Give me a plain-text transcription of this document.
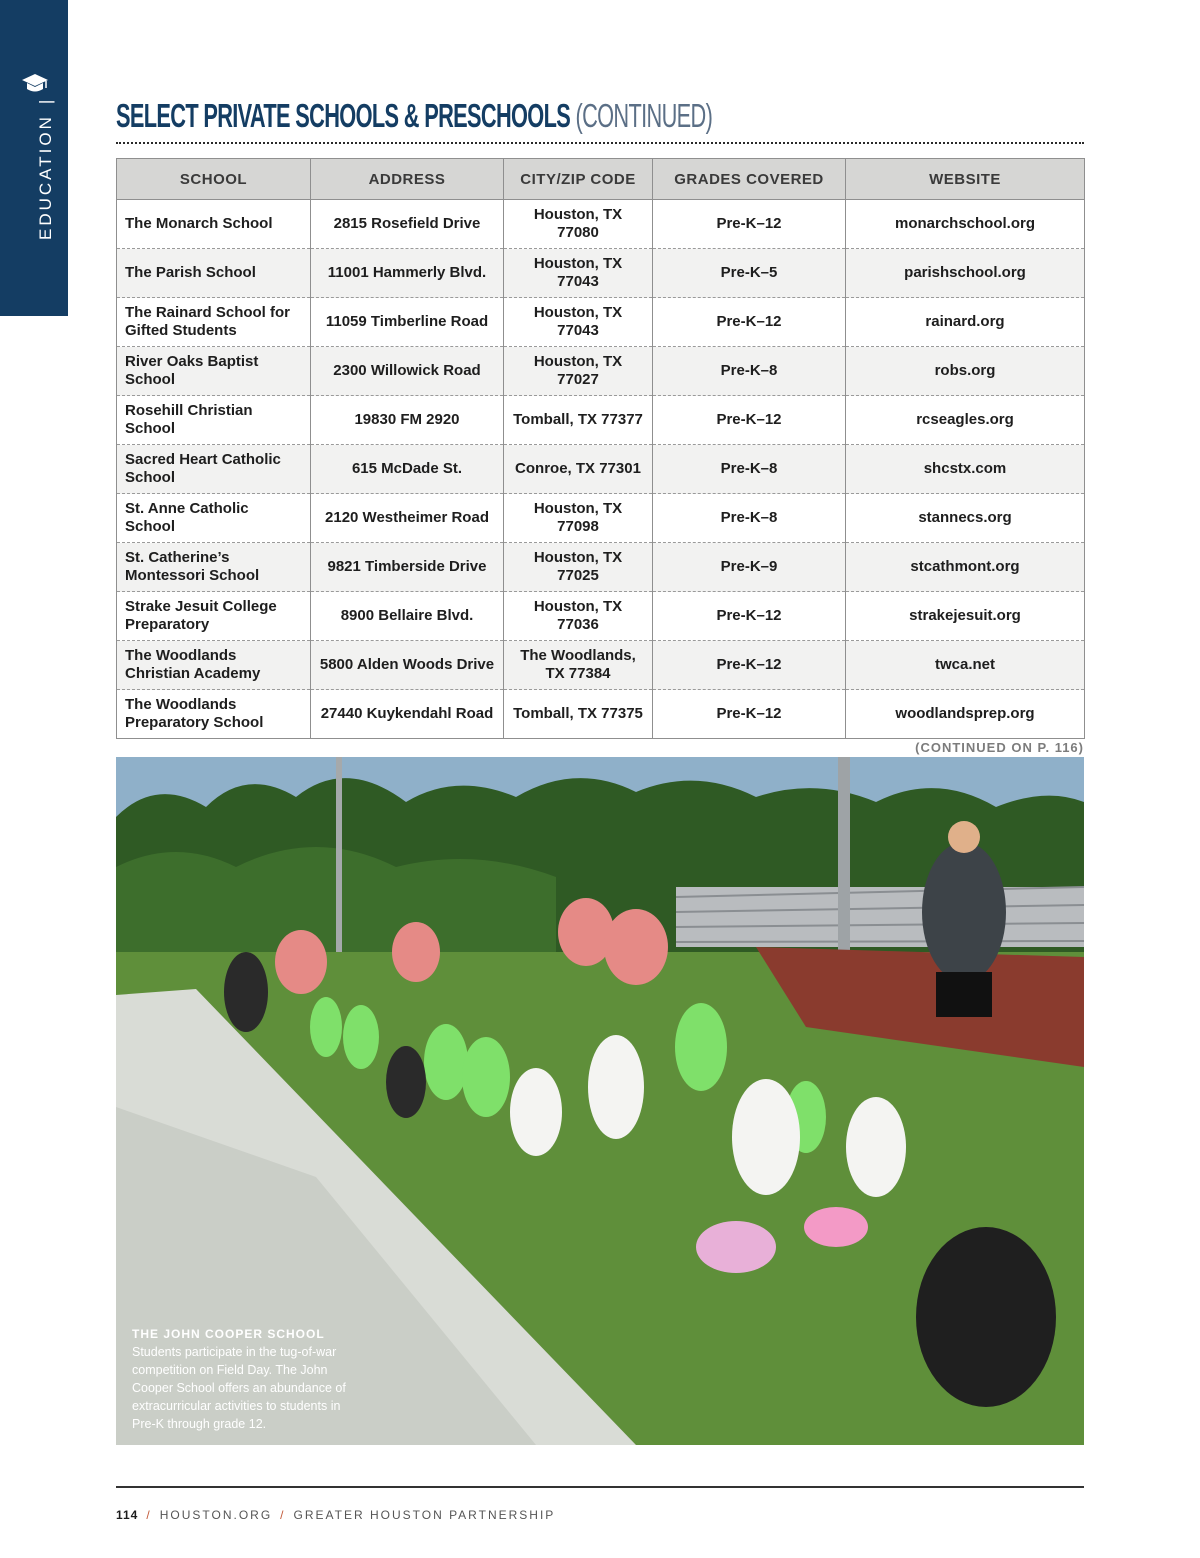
EDUCATION| SELECT PRIVATE SCHOOLS & PRESCHOOLS (CONTINUED)
SCHOOL	ADDRESS	CITY/ZIP CODE	GRADES COVERED	WEBSITE
The Monarch School	2815 Rosefield Drive	Houston, TX 77080	Pre-K–12	monarchschool.org
The Parish School	11001 Hammerly Blvd.	Houston, TX 77043	Pre-K–5	parishschool.org
The Rainard School for Gifted Students	11059 Timberline Road	Houston, TX 77043	Pre-K–12	rainard.org
River Oaks Baptist School	2300 Willowick Road	Houston, TX 77027	Pre-K–8	robs.org
Rosehill Christian School	19830 FM 2920	Tomball, TX 77377	Pre-K–12	rcseagles.org
Sacred Heart Catholic School	615 McDade St.	Conroe, TX 77301	Pre-K–8	shcstx.com
St. Anne Catholic School	2120 Westheimer Road	Houston, TX 77098	Pre-K–8	stannecs.org
St. Catherine’s Montessori School	9821 Timberside Drive	Houston, TX 77025	Pre-K–9	stcathmont.org
Strake Jesuit College Preparatory	8900 Bellaire Blvd.	Houston, TX 77036	Pre-K–12	strakejesuit.org
The Woodlands Christian Academy	5800 Alden Woods Drive	The Woodlands, TX 77384	Pre-K–12	twca.net
The Woodlands Preparatory School	27440 Kuykendahl Road	Tomball, TX 77375	Pre-K–12	woodlandsprep.org
(CONTINUED ON P. 116)
THE JOHN COOPER SCHOOL
Students participate in the tug-of-war competition on Field Day. The John Cooper School offers an abundance of extracurricular activities to students in Pre-K through grade 12.
114 / HOUSTON.ORG / GREATER HOUSTON PARTNERSHIP
